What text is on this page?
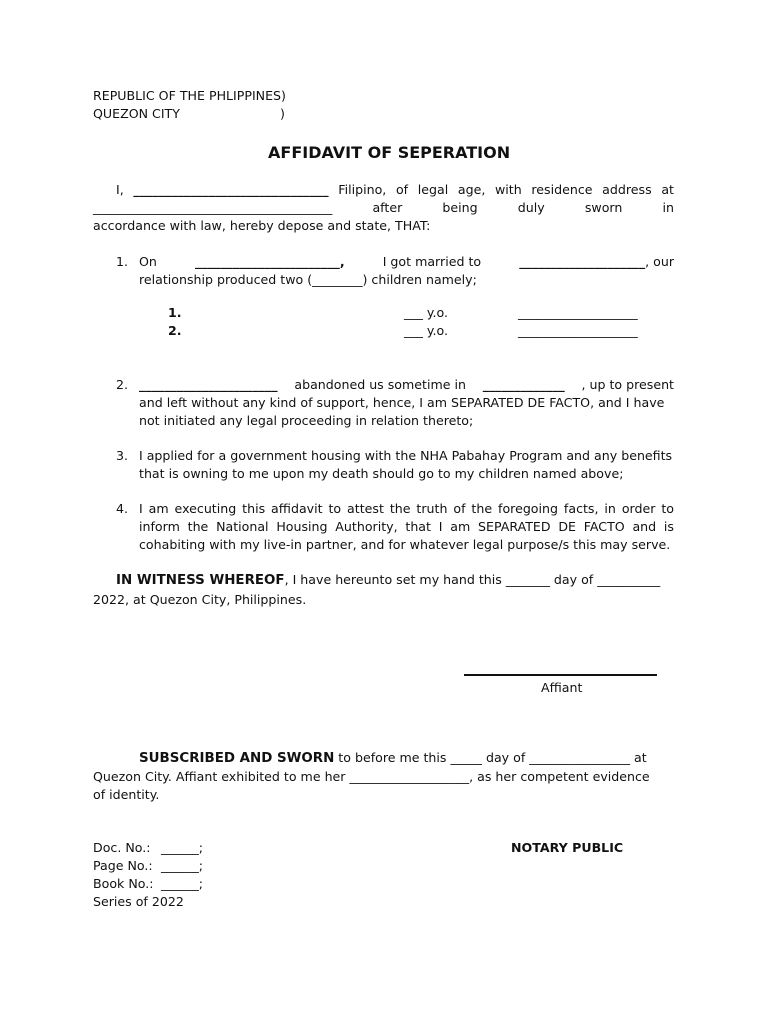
REPUBLIC OF THE PHLIPPINES)
QUEZON CITY	)
AFFIDAVIT OF SEPERATION
I, _______________________________ Filipino, of legal age, with residence address at
______________________________________	after being duly sworn in
accordance with law, hereby depose and state, THAT:
1. On	_______________________,	I got married to	____________________, our
relationship produced two (________) children namely;
1.	___ y.o.	___________________
2.	___ y.o.	___________________
2. ______________________ abandoned us sometime in _____________ , up to present
and left without any kind of support, hence, I am SEPARATED DE FACTO, and I have
not initiated any legal proceeding in relation thereto;
3. I applied for a government housing with the NHA Pabahay Program and any benefits
that is owning to me upon my death should go to my children named above;
4. I am executing this affidavit to attest the truth of the foregoing facts, in order to
inform the National Housing Authority, that I am SEPARATED DE FACTO and is
cohabiting with my live-in partner, and for whatever legal purpose/s this may serve.
IN WITNESS WHEREOF, I have hereunto set my hand this _______ day of __________
2022, at Quezon City, Philippines.
Affiant
SUBSCRIBED AND SWORN to before me this _____ day of ________________ at
Quezon City. Affiant exhibited to me her ___________________, as her competent evidence
of identity.
NOTARY PUBLIC
Doc. No.: ______;
Page No.: ______;
Book No.: ______;
Series of 2022
